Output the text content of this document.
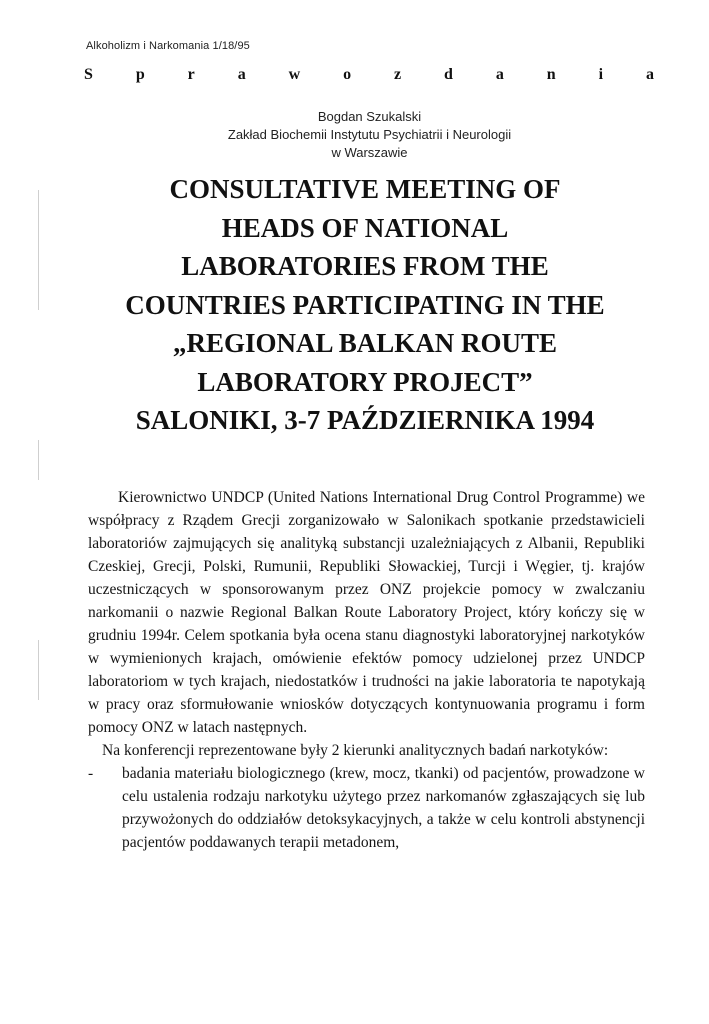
Alkoholizm i Narkomania 1/18/95
S	p	r	a	w	o	z	d	a	n	i	a
Bogdan Szukalski
Zakład Biochemii Instytutu Psychiatrii i Neurologii
w Warszawie
CONSULTATIVE MEETING OF
HEADS OF NATIONAL
LABORATORIES FROM THE
COUNTRIES PARTICIPATING IN THE
„REGIONAL BALKAN ROUTE
LABORATORY PROJECT”
SALONIKI, 3-7 PAŹDZIERNIKA 1994

Kierownictwo UNDCP (United Nations International Drug Control Programme) we współpracy z Rządem Grecji zorganizowało w Salonikach spotkanie przedstawicieli laboratoriów zajmujących się analityką substancji uzależniających z Albanii, Republiki Czeskiej, Grecji, Polski, Rumunii, Republiki Słowackiej, Turcji i Węgier, tj. krajów uczestniczących w sponsorowanym przez ONZ projekcie pomocy w zwalczaniu narkomanii o nazwie Regional Balkan Route Laboratory Project, który kończy się w grudniu 1994r. Celem spotkania była ocena stanu diagnostyki laboratoryjnej narkotyków w wymienionych krajach, omówienie efektów pomocy udzielonej przez UNDCP laboratoriom w tych krajach, niedostatków i trudności na jakie laboratoria te napotykają w pracy oraz sformułowanie wniosków dotyczących kontynuowania programu i form pomocy ONZ w latach następnych.

Na konferencji reprezentowane były 2 kierunki analitycznych badań narkotyków:

- badania materiału biologicznego (krew, mocz, tkanki) od pacjentów, prowadzone w celu ustalenia rodzaju narkotyku użytego przez narkomanów zgłaszających się lub przywożonych do oddziałów detoksykacyjnych, a także w celu kontroli abstynencji pacjentów poddawanych terapii metadonem,
